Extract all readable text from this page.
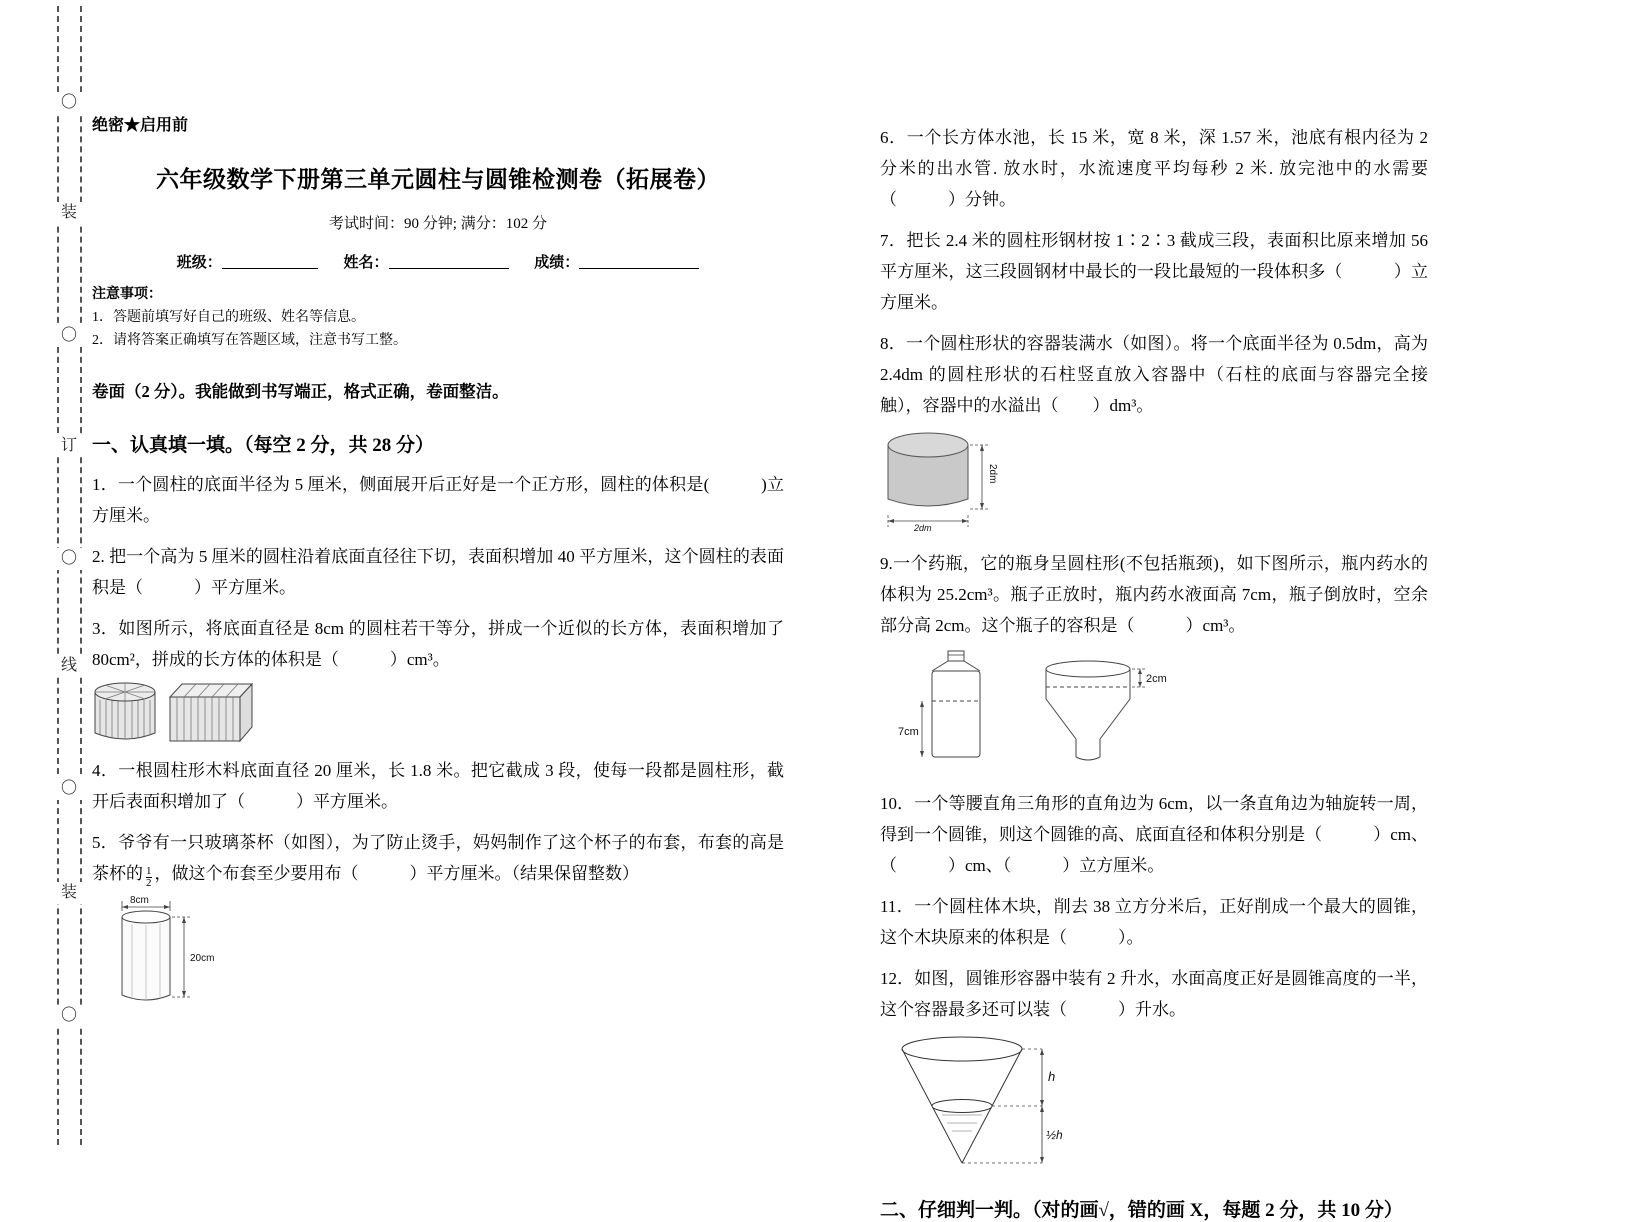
〇
装
〇
订
〇
线
〇
装
〇
绝密★启用前
六年级数学下册第三单元圆柱与圆锥检测卷（拓展卷）
考试时间：90 分钟; 满分：102 分
班级：	姓名：	成绩：
注意事项：

1．答题前填写好自己的班级、姓名等信息。

2．请将答案正确填写在答题区域，注意书写工整。

卷面（2 分）。我能做到书写端正，格式正确，卷面整洁。
一、认真填一填。（每空 2 分，共 28 分）

1．一个圆柱的底面半径为 5 厘米，侧面展开后正好是一个正方形，圆柱的体积是(　　　)立方厘米。

2. 把一个高为 5 厘米的圆柱沿着底面直径往下切，表面积增加 40 平方厘米，这个圆柱的表面积是（　　　）平方厘米。

3．如图所示，将底面直径是 8cm 的圆柱若干等分，拼成一个近似的长方体，表面积增加了 80cm²，拼成的长方体的体积是（　　　）cm³。

4．一根圆柱形木料底面直径 20 厘米，长 1.8 米。把它截成 3 段，使每一段都是圆柱形，截开后表面积增加了（　　　）平方厘米。

5．爷爷有一只玻璃茶杯（如图），为了防止烫手，妈妈制作了这个杯子的布套，布套的高是茶杯的 $\frac{1}{2}$ ，做这个布套至少要用布（　　　）平方厘米。（结果保留整数）

8cm
20cm

6．一个长方体水池，长 15 米，宽 8 米，深 1.57 米，池底有根内径为 2 分米的出水管. 放水时，水流速度平均每秒 2 米. 放完池中的水需要（　　　）分钟。

7．把长 2.4 米的圆柱形钢材按 1∶2∶3 截成三段，表面积比原来增加 56 平方厘米，这三段圆钢材中最长的一段比最短的一段体积多（　　　）立方厘米。

8．一个圆柱形状的容器装满水（如图）。将一个底面半径为 0.5dm，高为 2.4dm 的圆柱形状的石柱竖直放入容器中（石柱的底面与容器完全接触），容器中的水溢出（　　）dm³。

2dm
2dm

9.一个药瓶，它的瓶身呈圆柱形(不包括瓶颈)，如下图所示，瓶内药水的体积为 25.2cm³。瓶子正放时，瓶内药水液面高 7cm，瓶子倒放时，空余部分高 2cm。这个瓶子的容积是（　　　）cm³。

7cm
2cm

10．一个等腰直角三角形的直角边为 6cm，以一条直角边为轴旋转一周，得到一个圆锥，则这个圆锥的高、底面直径和体积分别是（　　　）cm、（　　　）cm、（　　　）立方厘米。

11．一个圆柱体木块，削去 38 立方分米后，正好削成一个最大的圆锥，这个木块原来的体积是（　　　）。

12．如图，圆锥形容器中装有 2 升水，水面高度正好是圆锥高度的一半，这个容器最多还可以装（　　　）升水。

h
½h
二、仔细判一判。（对的画√，错的画 X，每题 2 分，共 10 分）
